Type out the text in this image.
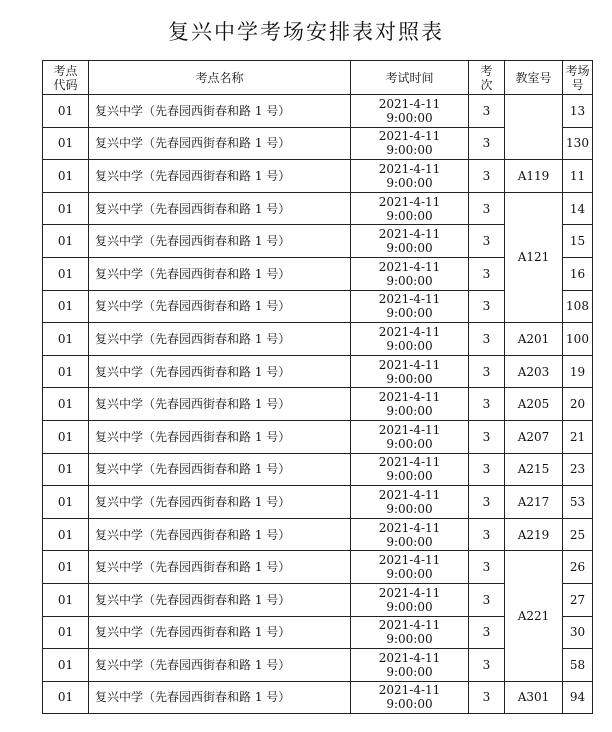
复兴中学考场安排表对照表
考点代码	考点名称	考试时间	考次	教室号	考场号
01	复兴中学（先春园西街春和路 1 号）	2021-4-11
9:00:00	3		13
01	复兴中学（先春园西街春和路 1 号）	2021-4-11
9:00:00	3		130
01	复兴中学（先春园西街春和路 1 号）	2021-4-11
9:00:00	3	A119	11
01	复兴中学（先春园西街春和路 1 号）	2021-4-11
9:00:00	3	A121	14
01	复兴中学（先春园西街春和路 1 号）	2021-4-11
9:00:00	3		15
01	复兴中学（先春园西街春和路 1 号）	2021-4-11
9:00:00	3		16
01	复兴中学（先春园西街春和路 1 号）	2021-4-11
9:00:00	3		108
01	复兴中学（先春园西街春和路 1 号）	2021-4-11
9:00:00	3	A201	100
01	复兴中学（先春园西街春和路 1 号）	2021-4-11
9:00:00	3	A203	19
01	复兴中学（先春园西街春和路 1 号）	2021-4-11
9:00:00	3	A205	20
01	复兴中学（先春园西街春和路 1 号）	2021-4-11
9:00:00	3	A207	21
01	复兴中学（先春园西街春和路 1 号）	2021-4-11
9:00:00	3	A215	23
01	复兴中学（先春园西街春和路 1 号）	2021-4-11
9:00:00	3	A217	53
01	复兴中学（先春园西街春和路 1 号）	2021-4-11
9:00:00	3	A219	25
01	复兴中学（先春园西街春和路 1 号）	2021-4-11
9:00:00	3	A221	26
01	复兴中学（先春园西街春和路 1 号）	2021-4-11
9:00:00	3		27
01	复兴中学（先春园西街春和路 1 号）	2021-4-11
9:00:00	3		30
01	复兴中学（先春园西街春和路 1 号）	2021-4-11
9:00:00	3		58
01	复兴中学（先春园西街春和路 1 号）	2021-4-11
9:00:00	3	A301	94
